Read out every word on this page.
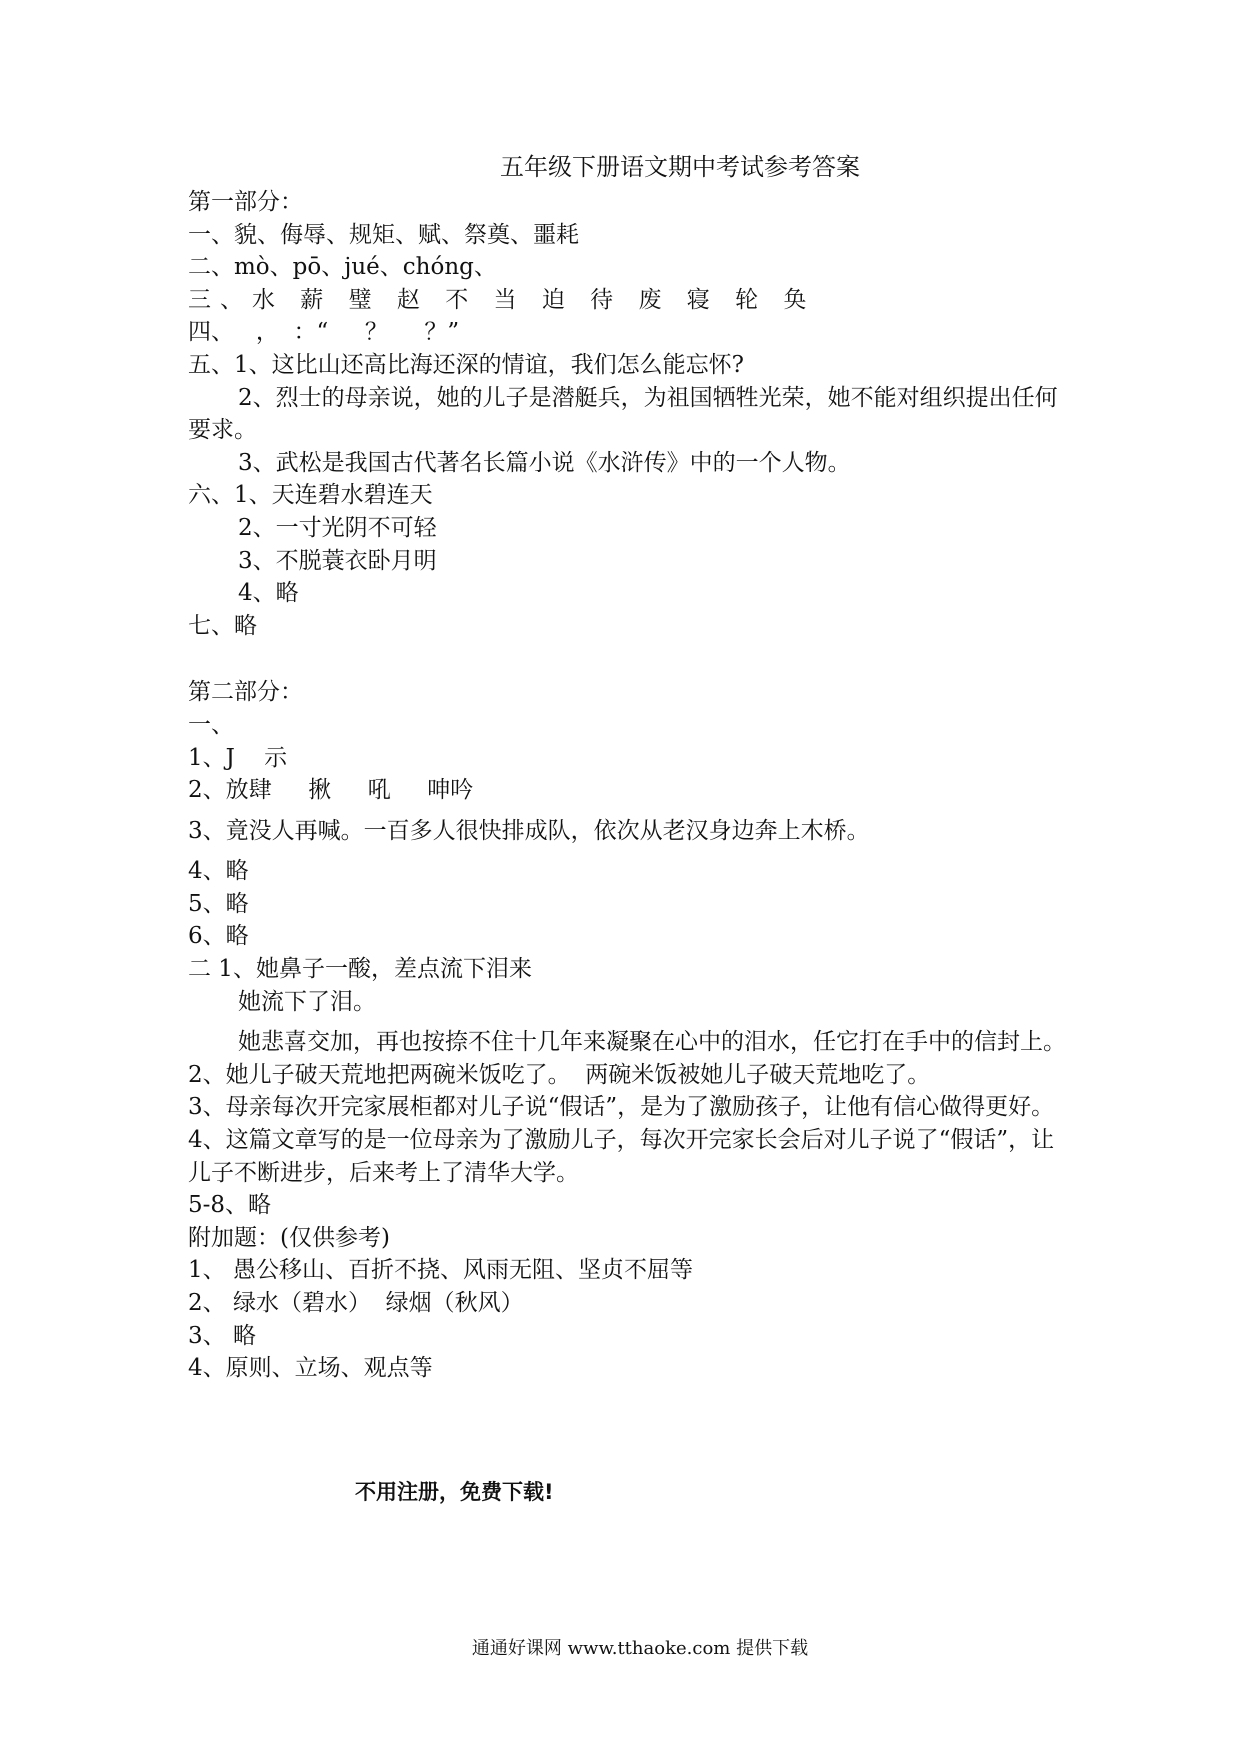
五年级下册语文期中考试参考答案
第一部分：
一、貌、侮辱、规矩、赋、祭奠、噩耗
二、mò、pō、jué、chóng、
三、水 薪 璧 赵 不 当 迫 待 废 寝 轮 奂
四、   ，  ：“     ？     ？”
五、1、这比山还高比海还深的情谊，我们怎么能忘怀?
2、烈士的母亲说，她的儿子是潜艇兵，为祖国牺牲光荣，她不能对组织提出任何要求。
3、武松是我国古代著名长篇小说《水浒传》中的一个人物。
六、1、天连碧水碧连天
2、一寸光阴不可轻
3、不脱蓑衣卧月明
4、略
七、略
第二部分：
一、
1、J    示
2、放肆     揪     吼     呻吟
3、竟没人再喊。一百多人很快排成队，依次从老汉身边奔上木桥。
4、略
5、略
6、略
二 1、她鼻子一酸，差点流下泪来
她流下了泪。
她悲喜交加，再也按捺不住十几年来凝聚在心中的泪水，任它打在手中的信封上。
2、她儿子破天荒地把两碗米饭吃了。  两碗米饭被她儿子破天荒地吃了。
3、母亲每次开完家展柜都对儿子说“假话”，是为了激励孩子，让他有信心做得更好。
4、这篇文章写的是一位母亲为了激励儿子，每次开完家长会后对儿子说了“假话”，让儿子不断进步，后来考上了清华大学。
5-8、略
附加题：(仅供参考)
1、 愚公移山、百折不挠、风雨无阻、坚贞不屈等
2、 绿水（碧水）  绿烟（秋风）
3、 略
4、原则、立场、观点等
不用注册，免费下载!
通通好课网 www.tthaoke.com 提供下载
